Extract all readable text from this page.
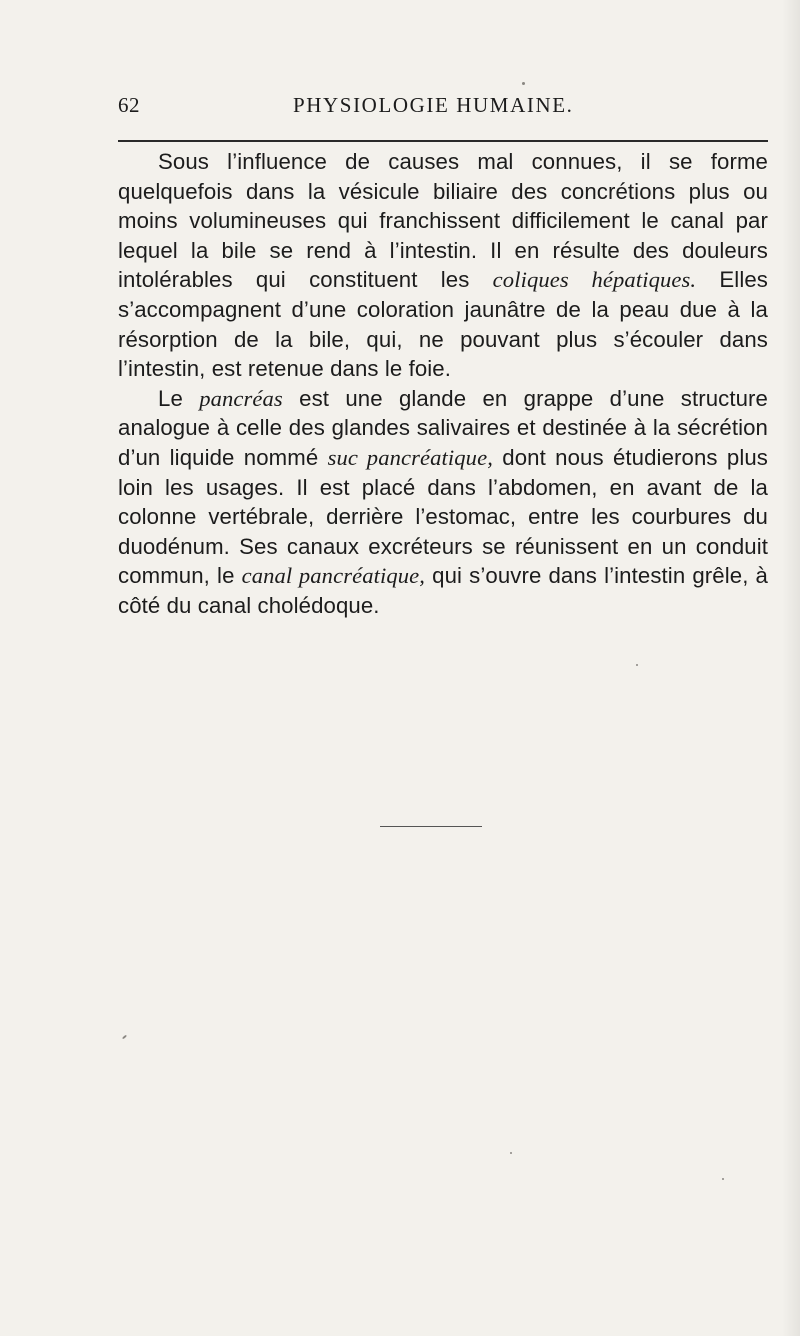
62	PHYSIOLOGIE HUMAINE.

Sous l’influence de causes mal connues, il se forme quelquefois dans la vésicule biliaire des concrétions plus ou moins volumineuses qui franchissent difficilement le canal par lequel la bile se rend à l’intestin. Il en résulte des douleurs intolérables qui constituent les coliques hépatiques. Elles s’accompagnent d’une coloration jaunâtre de la peau due à la résorption de la bile, qui, ne pouvant plus s’écouler dans l’intestin, est retenue dans le foie.

Le pancréas est une glande en grappe d’une structure analogue à celle des glandes salivaires et destinée à la sécrétion d’un liquide nommé suc pancréatique, dont nous étudierons plus loin les usages. Il est placé dans l’abdomen, en avant de la colonne vertébrale, derrière l’estomac, entre les courbures du duodénum. Ses canaux excréteurs se réunissent en un conduit commun, le canal pancréatique, qui s’ouvre dans l’intestin grêle, à côté du canal cholédoque.
